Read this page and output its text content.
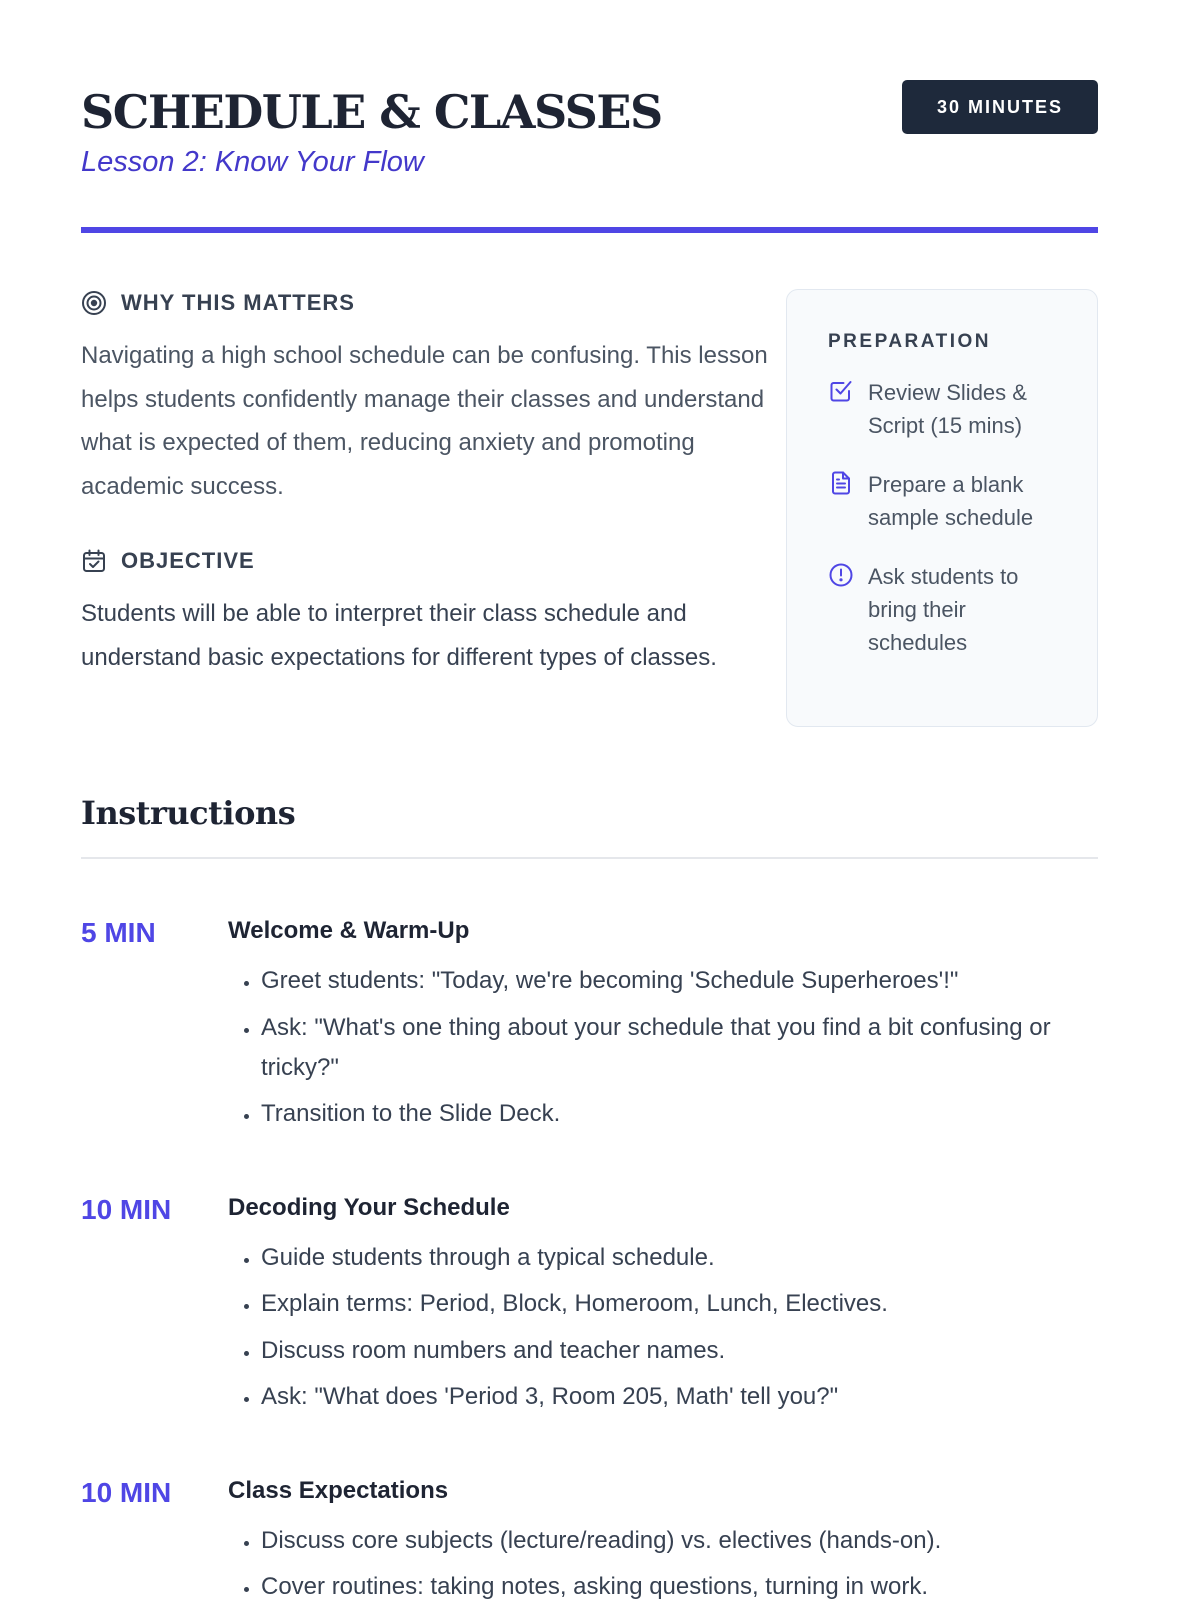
SCHEDULE & CLASSES
Lesson 2: Know Your Flow
30 MINUTES
WHY THIS MATTERS

Navigating a high school schedule can be confusing. This lesson helps students confidently manage their classes and understand what is expected of them, reducing anxiety and promoting academic success.

OBJECTIVE

Students will be able to interpret their class schedule and understand basic expectations for different types of classes.

PREPARATION
Review Slides & Script (15 mins)
Prepare a blank sample schedule
Ask students to bring their schedules
Instructions
5 MIN	Welcome & Warm-Up
• Greet students: "Today, we're becoming 'Schedule Superheroes'!"
• Ask: "What's one thing about your schedule that you find a bit confusing or tricky?"
• Transition to the Slide Deck.
10 MIN	Decoding Your Schedule
• Guide students through a typical schedule.
• Explain terms: Period, Block, Homeroom, Lunch, Electives.
• Discuss room numbers and teacher names.
• Ask: "What does 'Period 3, Room 205, Math' tell you?"
10 MIN	Class Expectations
• Discuss core subjects (lecture/reading) vs. electives (hands-on).
• Cover routines: taking notes, asking questions, turning in work.
